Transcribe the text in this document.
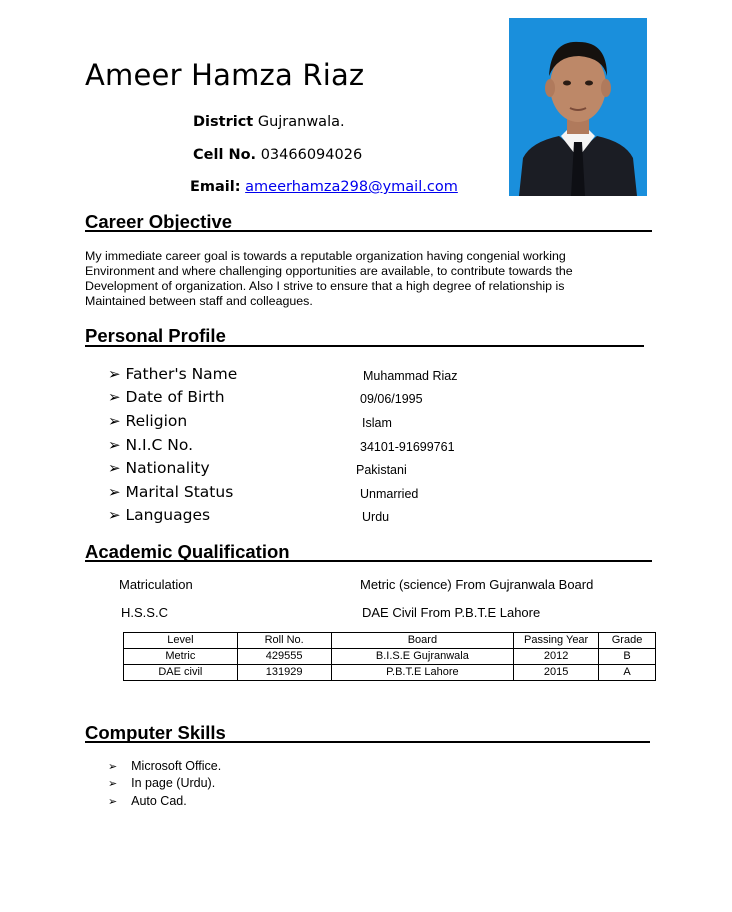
Ameer Hamza Riaz
District Gujranwala.
Cell No. 03466094026
Email: ameerhamza298@ymail.com
Career Objective
My immediate career goal is towards a reputable organization having congenial working
Environment and where challenging opportunities are available, to contribute towards the
Development of organization. Also I strive to ensure that a high degree of relationship is
Maintained between staff and colleagues.
Personal Profile
➢ Father's Name	Muhammad Riaz
➢ Date of Birth	09/06/1995
➢ Religion	Islam
➢ N.I.C No.	34101-91699761
➢ Nationality	Pakistani
➢ Marital Status	Unmarried
➢ Languages	Urdu
Academic Qualification
Matriculation	Metric (science) From Gujranwala Board
H.S.S.C	DAE Civil From P.B.T.E Lahore
Level	Roll No.	Board	Passing Year	Grade
Metric	429555	B.I.S.E Gujranwala	2012	B
DAE civil	131929	P.B.T.E Lahore	2015	A
Computer Skills
➢ Microsoft Office.
➢ In page (Urdu).
➢ Auto Cad.
